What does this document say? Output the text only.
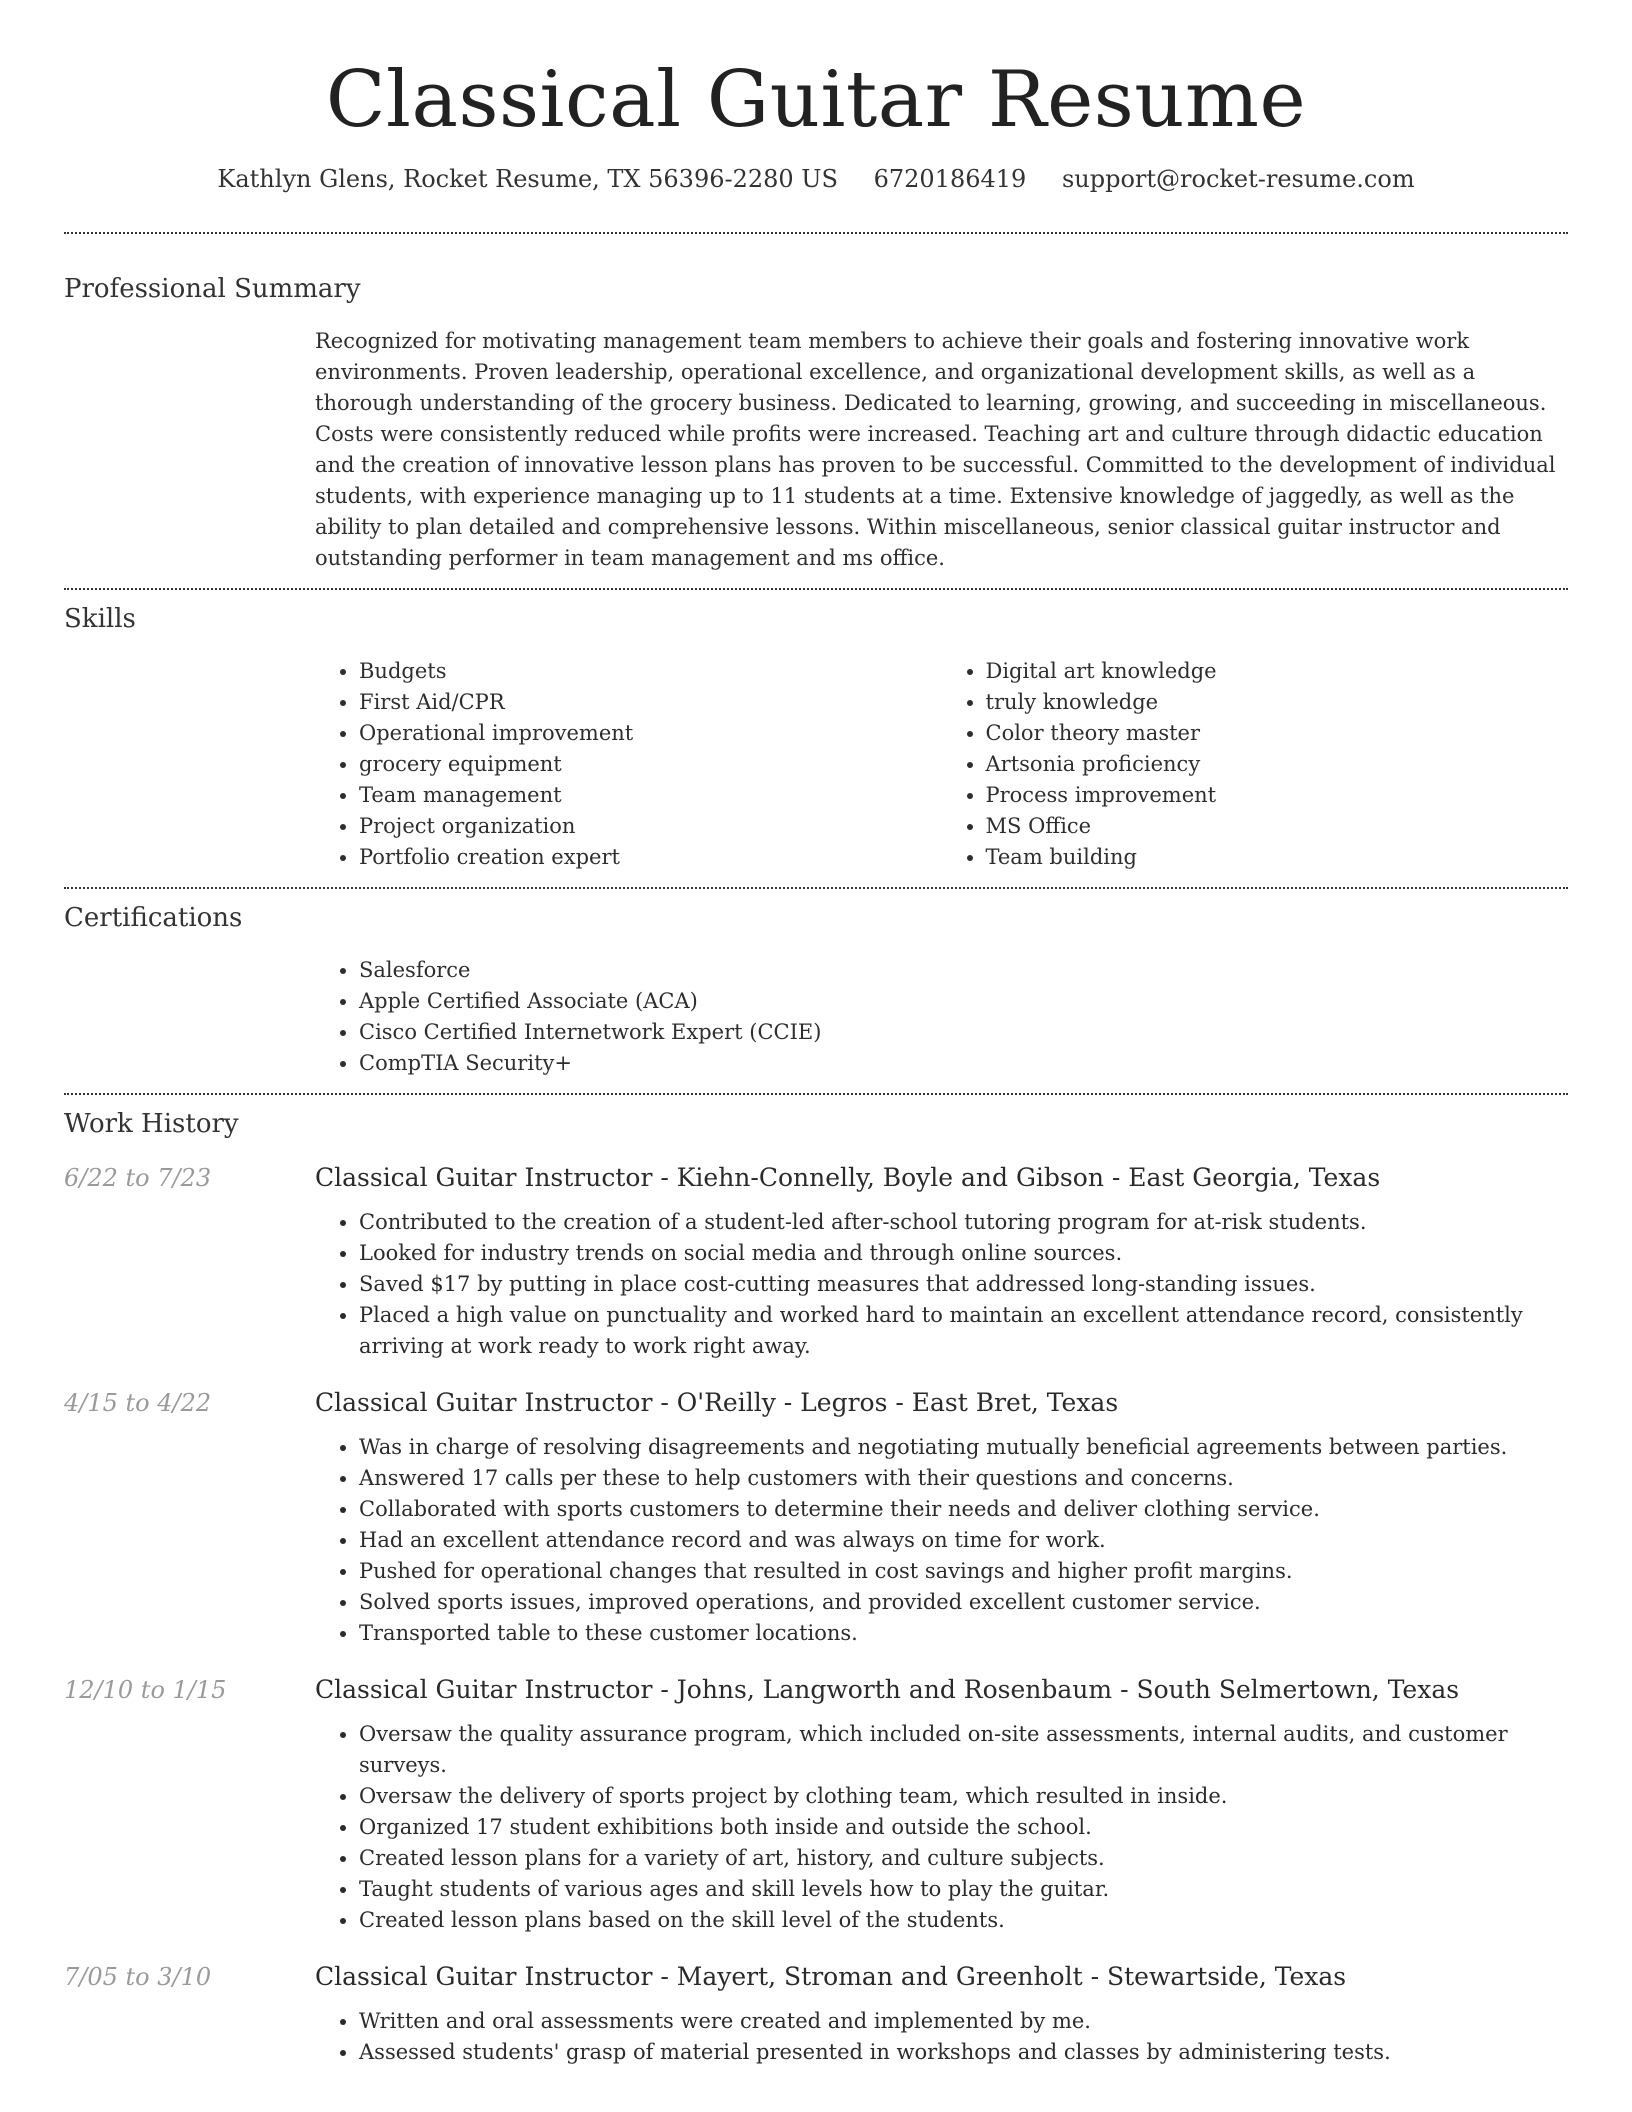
Classical Guitar Resume
Kathlyn Glens, Rocket Resume, TX 56396-2280 US 6720186419 support@rocket-resume.com
Professional Summary

Recognized for motivating management team members to achieve their goals and fostering innovative work environments. Proven leadership, operational excellence, and organizational development skills, as well as a thorough understanding of the grocery business. Dedicated to learning, growing, and succeeding in miscellaneous. Costs were consistently reduced while profits were increased. Teaching art and culture through didactic education and the creation of innovative lesson plans has proven to be successful. Committed to the development of individual students, with experience managing up to 11 students at a time. Extensive knowledge of jaggedly, as well as the ability to plan detailed and comprehensive lessons. Within miscellaneous, senior classical guitar instructor and outstanding performer in team management and ms office.

Skills
• Budgets
• First Aid/CPR
• Operational improvement
• grocery equipment
• Team management
• Project organization
• Portfolio creation expert
• Digital art knowledge
• truly knowledge
• Color theory master
• Artsonia proficiency
• Process improvement
• MS Office
• Team building
Certifications
• Salesforce
• Apple Certified Associate (ACA)
• Cisco Certified Internetwork Expert (CCIE)
• CompTIA Security+
Work History
6/22 to 7/23	Classical Guitar Instructor - Kiehn-Connelly, Boyle and Gibson - East Georgia, Texas
• Contributed to the creation of a student-led after-school tutoring program for at-risk students.
• Looked for industry trends on social media and through online sources.
• Saved $17 by putting in place cost-cutting measures that addressed long-standing issues.
• Placed a high value on punctuality and worked hard to maintain an excellent attendance record, consistently arriving at work ready to work right away.
4/15 to 4/22	Classical Guitar Instructor - O'Reilly - Legros - East Bret, Texas
• Was in charge of resolving disagreements and negotiating mutually beneficial agreements between parties.
• Answered 17 calls per these to help customers with their questions and concerns.
• Collaborated with sports customers to determine their needs and deliver clothing service.
• Had an excellent attendance record and was always on time for work.
• Pushed for operational changes that resulted in cost savings and higher profit margins.
• Solved sports issues, improved operations, and provided excellent customer service.
• Transported table to these customer locations.
12/10 to 1/15	Classical Guitar Instructor - Johns, Langworth and Rosenbaum - South Selmertown, Texas
• Oversaw the quality assurance program, which included on-site assessments, internal audits, and customer surveys.
• Oversaw the delivery of sports project by clothing team, which resulted in inside.
• Organized 17 student exhibitions both inside and outside the school.
• Created lesson plans for a variety of art, history, and culture subjects.
• Taught students of various ages and skill levels how to play the guitar.
• Created lesson plans based on the skill level of the students.
7/05 to 3/10	Classical Guitar Instructor - Mayert, Stroman and Greenholt - Stewartside, Texas
• Written and oral assessments were created and implemented by me.
• Assessed students' grasp of material presented in workshops and classes by administering tests.
